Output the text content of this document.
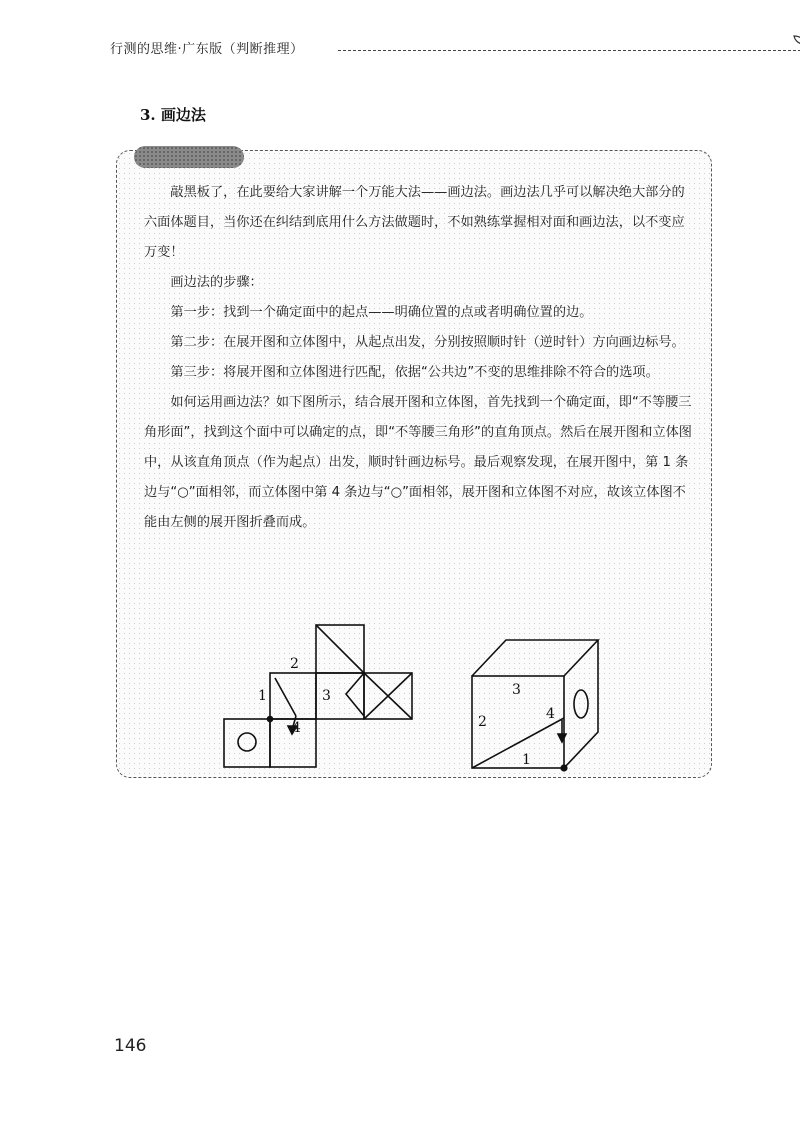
行测的思维·广东版（判断推理）
3. 画边法

敲黑板了，在此要给大家讲解一个万能大法——画边法。画边法几乎可以解决绝大部分的六面体题目，当你还在纠结到底用什么方法做题时，不如熟练掌握相对面和画边法，以不变应万变！

画边法的步骤：

第一步：找到一个确定面中的起点——明确位置的点或者明确位置的边。

第二步：在展开图和立体图中，从起点出发，分别按照顺时针（逆时针）方向画边标号。

第三步：将展开图和立体图进行匹配，依据“公共边”不变的思维排除不符合的选项。

如何运用画边法？如下图所示，结合展开图和立体图，首先找到一个确定面，即“不等腰三角形面”，找到这个面中可以确定的点，即“不等腰三角形”的直角顶点。然后在展开图和立体图中，从该直角顶点（作为起点）出发，顺时针画边标号。最后观察发现，在展开图中，第 1 条边与“○”面相邻，而立体图中第 4 条边与“○”面相邻，展开图和立体图不对应，故该立体图不能由左侧的展开图折叠而成。

1
2
3
4
1
2
3
4
146
